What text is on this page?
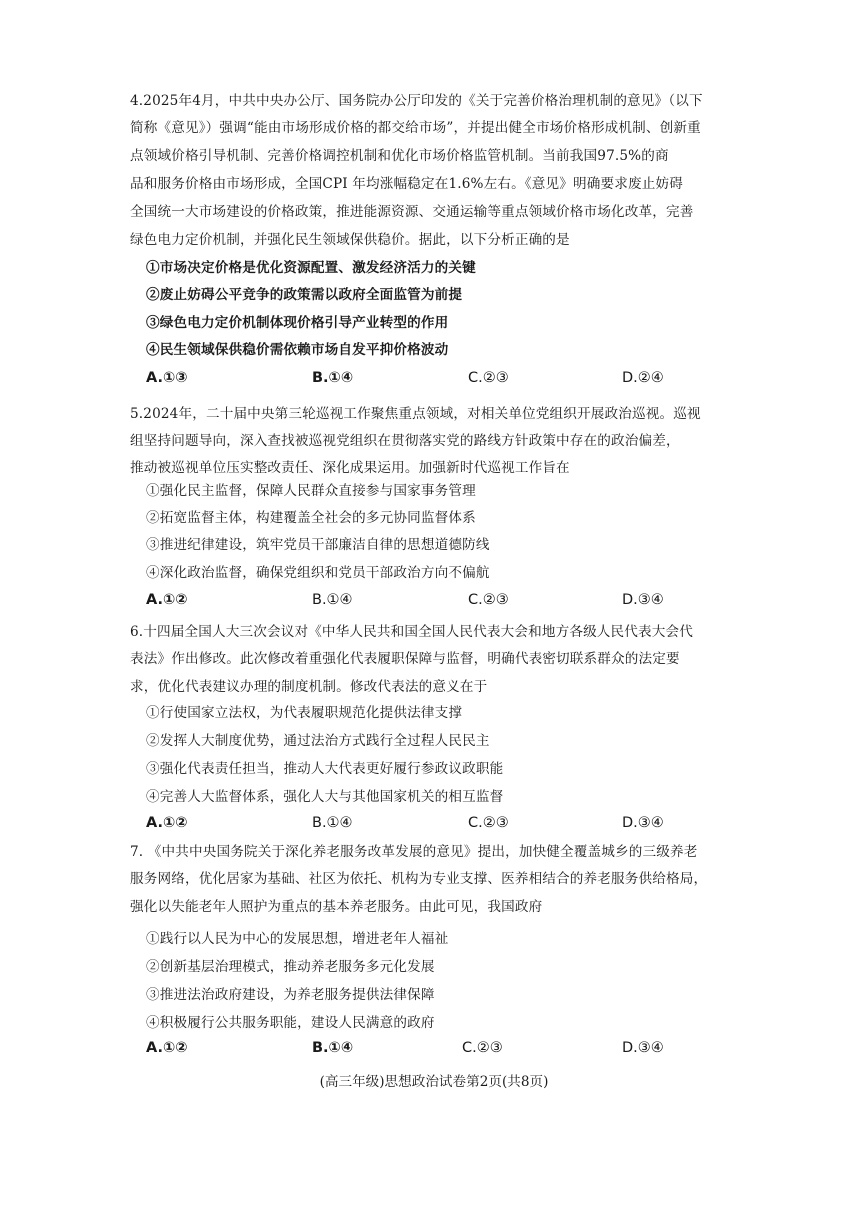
4.2025年4月，中共中央办公厅、国务院办公厅印发的《关于完善价格治理机制的意见》（以下
简称《意见》）强调“能由市场形成价格的都交给市场”，并提出健全市场价格形成机制、创新重
点领域价格引导机制、完善价格调控机制和优化市场价格监管机制。当前我国97.5%的商
品和服务价格由市场形成，全国CPI 年均涨幅稳定在1.6%左右。《意见》明确要求废止妨碍
全国统一大市场建设的价格政策，推进能源资源、交通运输等重点领域价格市场化改革，完善
绿色电力定价机制，并强化民生领域保供稳价。据此，以下分析正确的是
①市场决定价格是优化资源配置、激发经济活力的关键
②废止妨碍公平竞争的政策需以政府全面监管为前提
③绿色电力定价机制体现价格引导产业转型的作用
④民生领域保供稳价需依赖市场自发平抑价格波动
A.①③	B.①④	C.②③	D.②④
5.2024年，二十届中央第三轮巡视工作聚焦重点领域，对相关单位党组织开展政治巡视。巡视
组坚持问题导向，深入查找被巡视党组织在贯彻落实党的路线方针政策中存在的政治偏差，
推动被巡视单位压实整改责任、深化成果运用。加强新时代巡视工作旨在
①强化民主监督，保障人民群众直接参与国家事务管理
②拓宽监督主体，构建覆盖全社会的多元协同监督体系
③推进纪律建设，筑牢党员干部廉洁自律的思想道德防线
④深化政治监督，确保党组织和党员干部政治方向不偏航
A.①②	B.①④	C.②③	D.③④
6.十四届全国人大三次会议对《中华人民共和国全国人民代表大会和地方各级人民代表大会代
表法》作出修改。此次修改着重强化代表履职保障与监督，明确代表密切联系群众的法定要
求，优化代表建议办理的制度机制。修改代表法的意义在于
①行使国家立法权，为代表履职规范化提供法律支撑
②发挥人大制度优势，通过法治方式践行全过程人民民主
③强化代表责任担当，推动人大代表更好履行参政议政职能
④完善人大监督体系，强化人大与其他国家机关的相互监督
A.①②	B.①④	C.②③	D.③④
7. 《中共中央国务院关于深化养老服务改革发展的意见》提出，加快健全覆盖城乡的三级养老
服务网络，优化居家为基础、社区为依托、机构为专业支撑、医养相结合的养老服务供给格局，
强化以失能老年人照护为重点的基本养老服务。由此可见，我国政府
①践行以人民为中心的发展思想，增进老年人福祉
②创新基层治理模式，推动养老服务多元化发展
③推进法治政府建设，为养老服务提供法律保障
④积极履行公共服务职能，建设人民满意的政府
A.①②	B.①④	C.②③	D.③④
(高三年级)思想政治试卷第2页(共8页)
